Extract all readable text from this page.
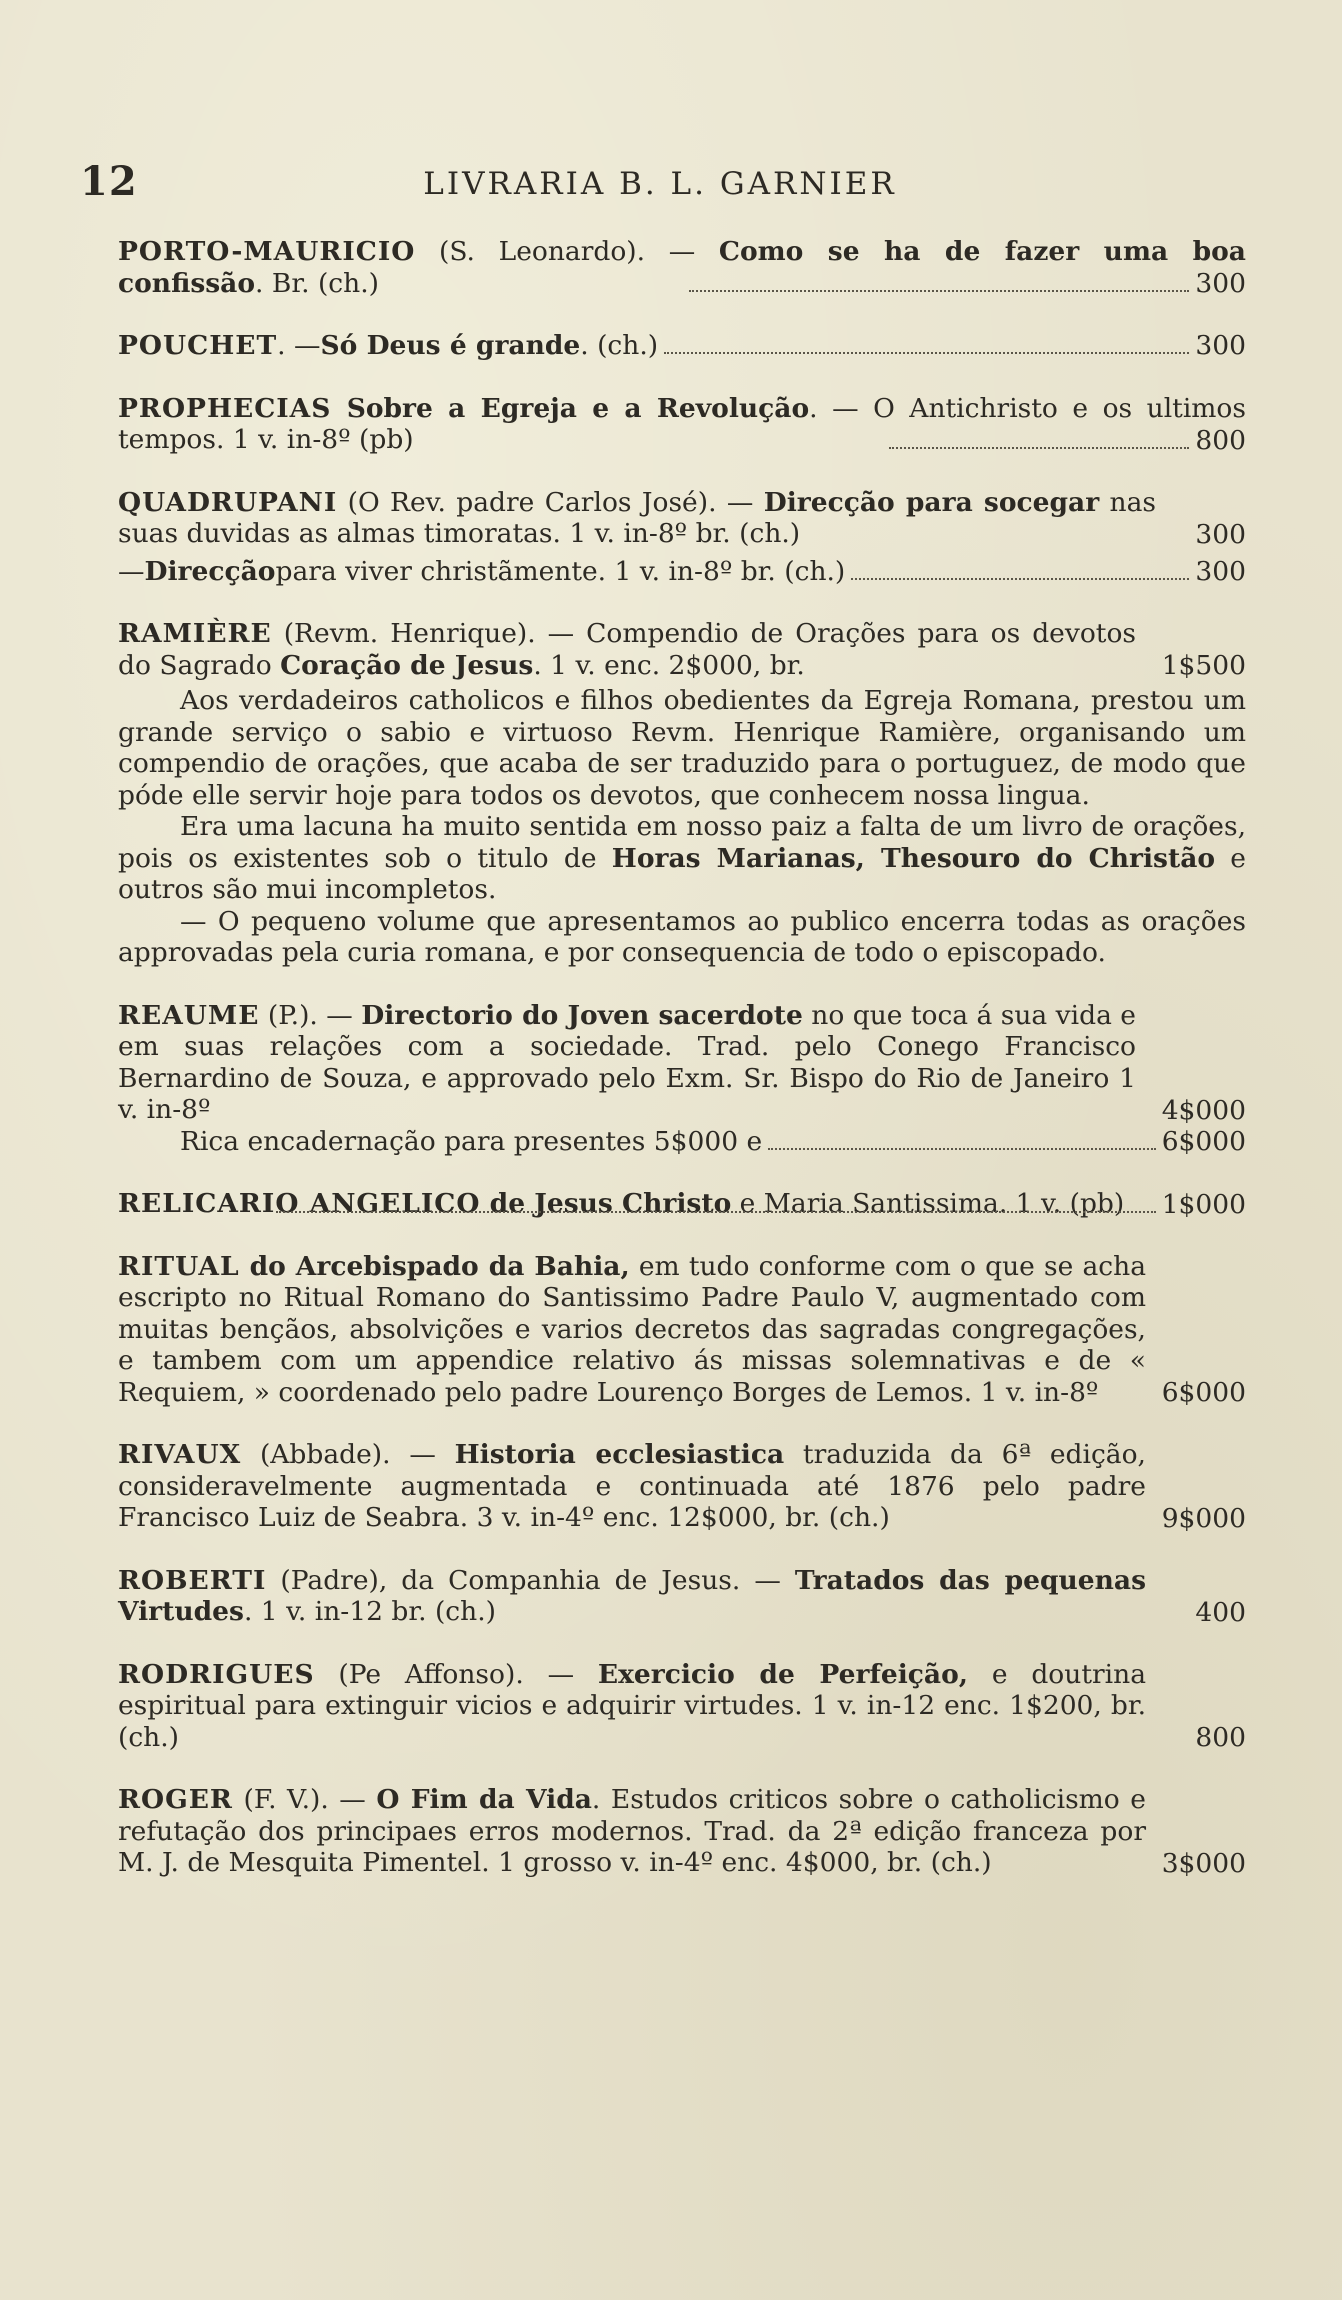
12	LIVRARIA B. L. GARNIER

PORTO-MAURICIO (S. Leonardo). — Como se ha de fazer uma boa confissão. Br. (ch.)	300
POUCHET . — Só Deus é grande . (ch.)	300

PROPHECIAS Sobre a Egreja e a Revolução. — O Antichristo e os ultimos tempos. 1 v. in-8º (pb)	800

QUADRUPANI (O Rev. padre Carlos José). — Direcção para socegar nas suas duvidas as almas timoratas. 1 v. in-8º br. (ch.)	300
— Direcção para viver christãmente. 1 v. in-8º br. (ch.)	300

RAMIÈRE (Revm. Henrique). — Compendio de Orações para os devotos do Sagrado Coração de Jesus. 1 v. enc. 2$000, br.	1$500

Aos verdadeiros catholicos e filhos obedientes da Egreja Romana, prestou um grande serviço o sabio e virtuoso Revm. Henrique Ramière, organisando um compendio de orações, que acaba de ser traduzido para o portuguez, de modo que póde elle servir hoje para todos os devotos, que conhecem nossa lingua.

Era uma lacuna ha muito sentida em nosso paiz a falta de um livro de orações, pois os existentes sob o titulo de Horas Marianas, Thesouro do Christão e outros são mui incompletos.

— O pequeno volume que apresentamos ao publico encerra todas as orações approvadas pela curia romana, e por consequencia de todo o episcopado.

REAUME (P.). — Directorio do Joven sacerdote no que toca á sua vida e em suas relações com a sociedade. Trad. pelo Conego Francisco Bernardino de Souza, e approvado pelo Exm. Sr. Bispo do Rio de Janeiro 1 v. in-8º	4$000
Rica encadernação para presentes 5$000 e	6$000

RELICARIO ANGELICO de Jesus Christo e Maria Santissima. 1 v. (pb)	1$000

RITUAL do Arcebispado da Bahia, em tudo conforme com o que se acha escripto no Ritual Romano do Santissimo Padre Paulo V, augmentado com muitas bençãos, absolvições e varios decretos das sagradas congregações, e tambem com um appendice relativo ás missas solemnativas e de « Requiem, » coordenado pelo padre Lourenço Borges de Lemos. 1 v. in-8º	6$000

RIVAUX (Abbade). — Historia ecclesiastica traduzida da 6ª edição, consideravelmente augmentada e continuada até 1876 pelo padre Francisco Luiz de Seabra. 3 v. in-4º enc. 12$000, br. (ch.)	9$000

ROBERTI (Padre), da Companhia de Jesus. — Tratados das pequenas Virtudes. 1 v. in-12 br. (ch.)	400

RODRIGUES (Pe Affonso). — Exercicio de Perfeição, e doutrina espiritual para extinguir vicios e adquirir virtudes. 1 v. in-12 enc. 1$200, br. (ch.)	800

ROGER (F. V.). — O Fim da Vida. Estudos criticos sobre o catholicismo e refutação dos principaes erros modernos. Trad. da 2ª edição franceza por M. J. de Mesquita Pimentel. 1 grosso v. in-4º enc. 4$000, br. (ch.)	3$000
